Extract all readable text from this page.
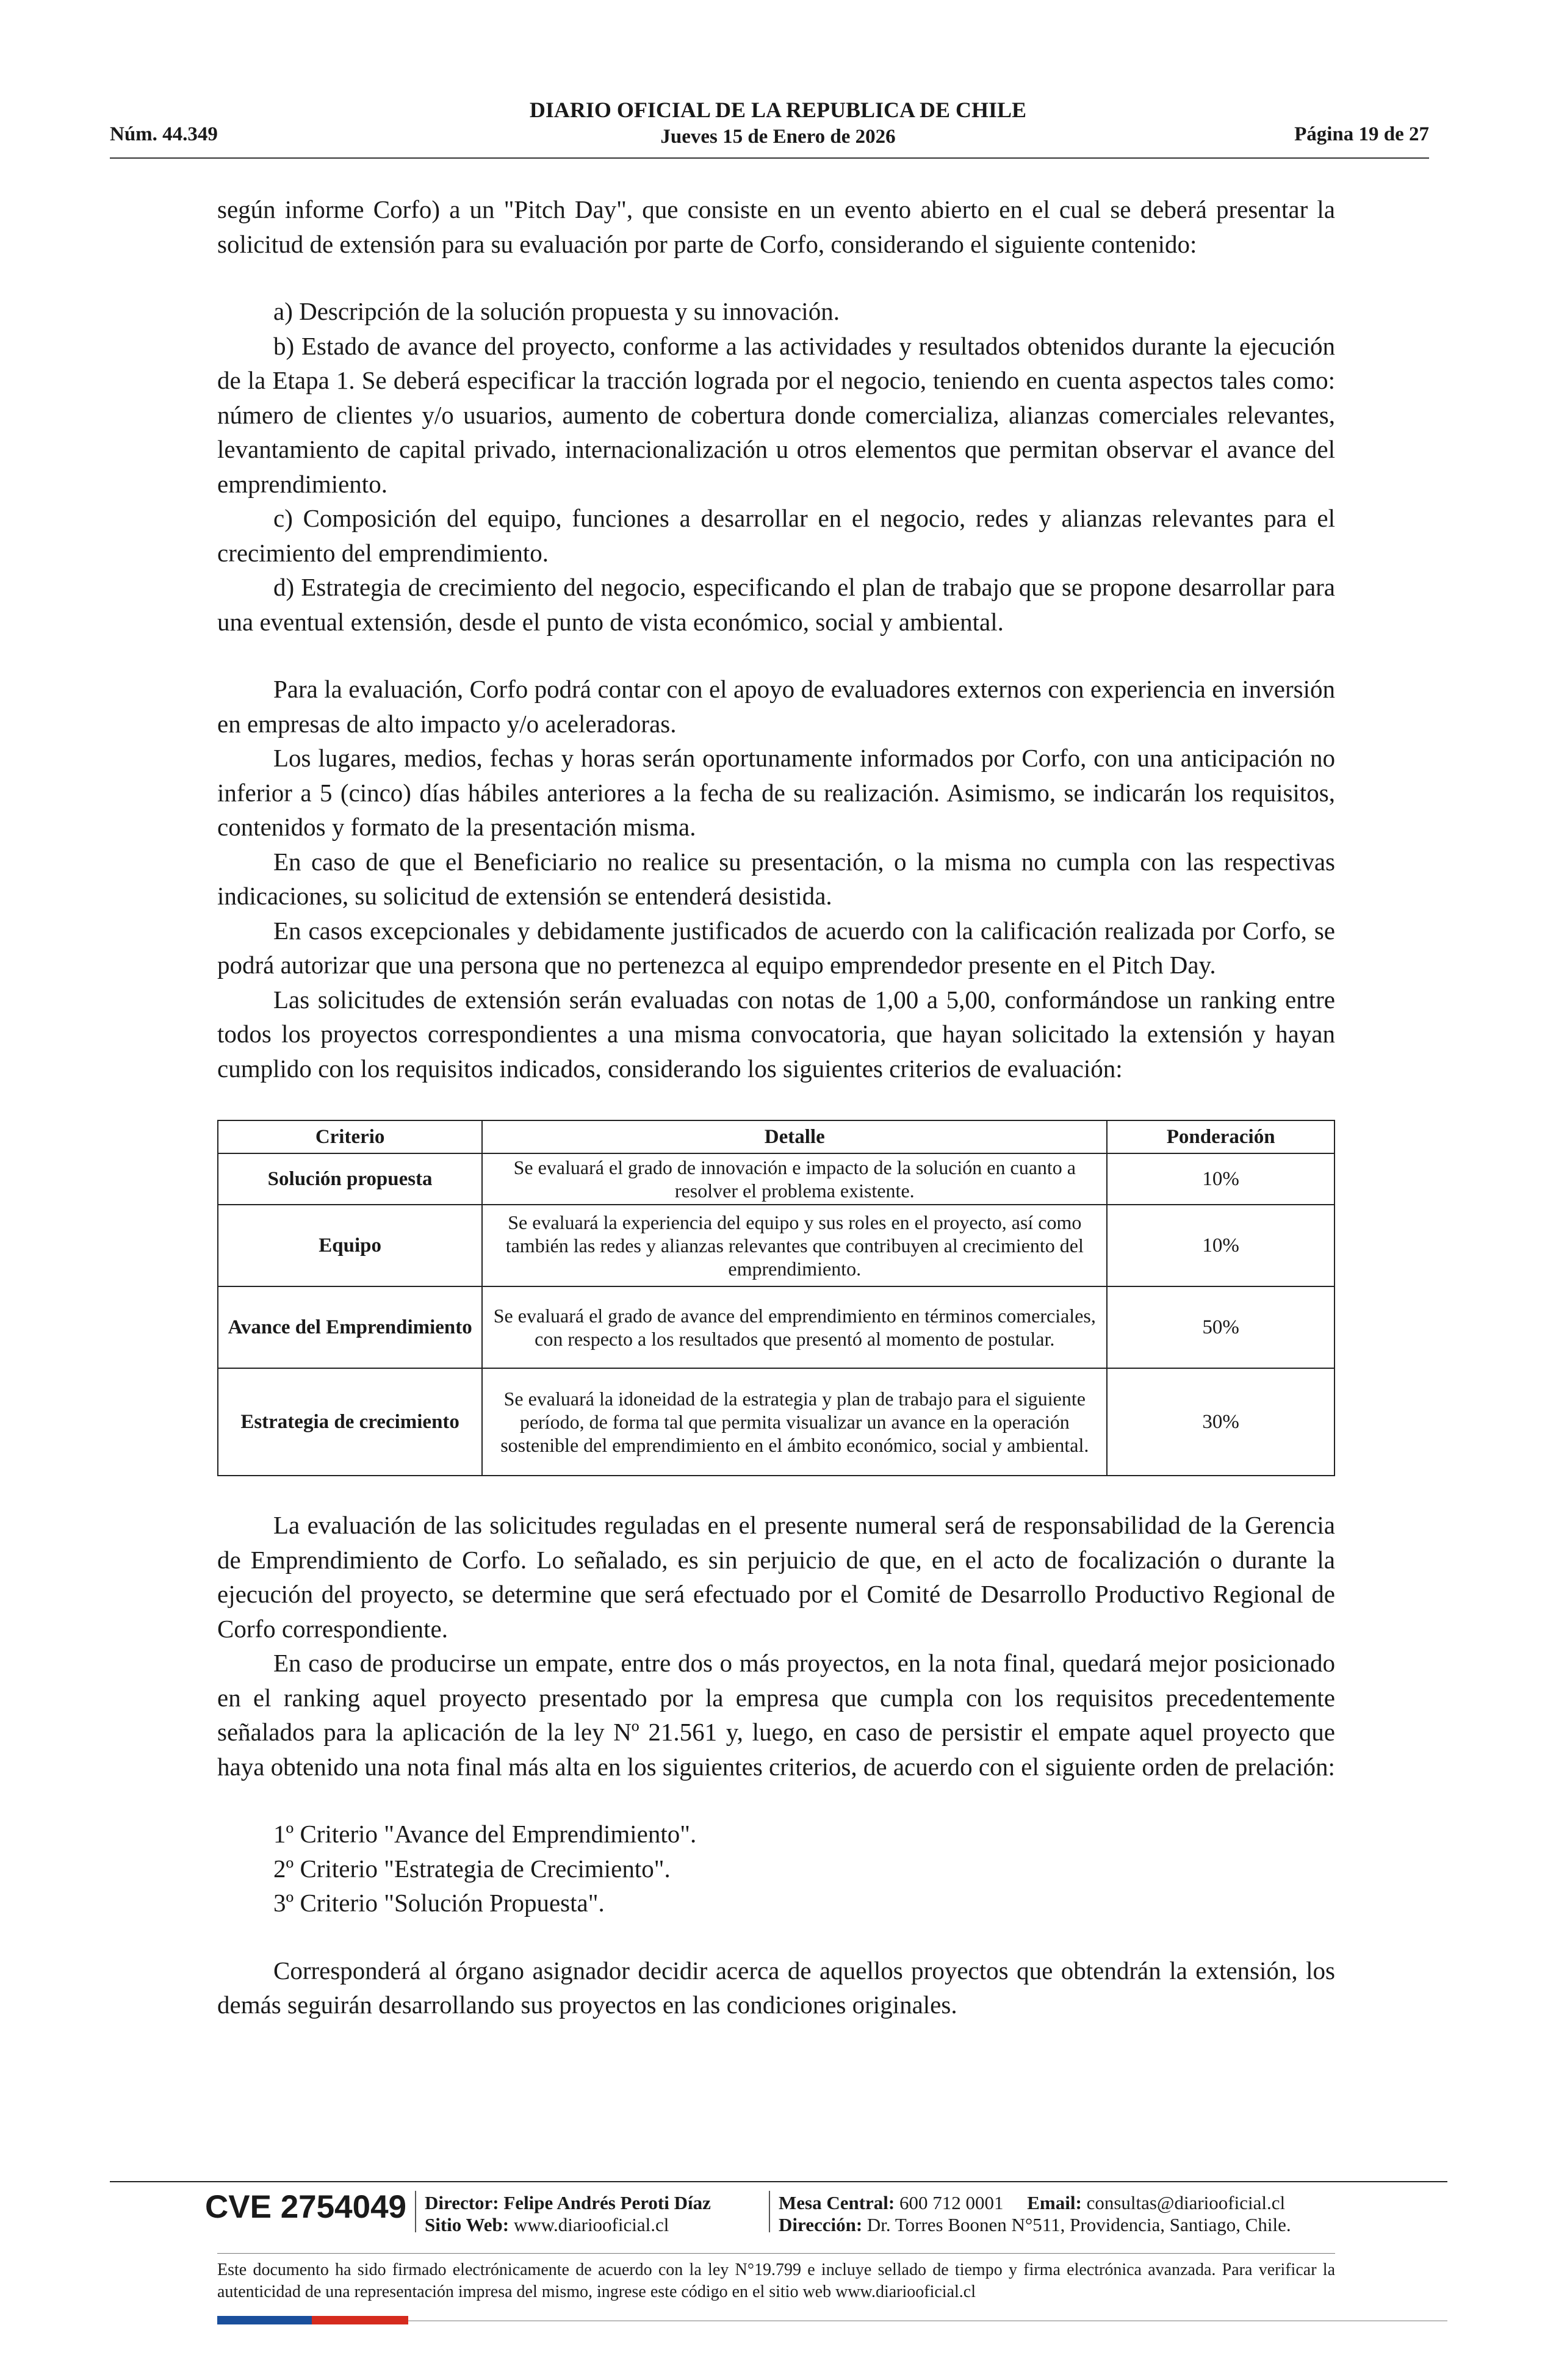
Núm. 44.349
DIARIO OFICIAL DE LA REPUBLICA DE CHILE
Jueves 15 de Enero de 2026	Página 19 de 27

según informe Corfo) a un "Pitch Day", que consiste en un evento abierto en el cual se deberá presentar la solicitud de extensión para su evaluación por parte de Corfo, considerando el siguiente contenido:

a) Descripción de la solución propuesta y su innovación.

b) Estado de avance del proyecto, conforme a las actividades y resultados obtenidos durante la ejecución de la Etapa 1. Se deberá especificar la tracción lograda por el negocio, teniendo en cuenta aspectos tales como: número de clientes y/o usuarios, aumento de cobertura donde comercializa, alianzas comerciales relevantes, levantamiento de capital privado, internacionalización u otros elementos que permitan observar el avance del emprendimiento.

c) Composición del equipo, funciones a desarrollar en el negocio, redes y alianzas relevantes para el crecimiento del emprendimiento.

d) Estrategia de crecimiento del negocio, especificando el plan de trabajo que se propone desarrollar para una eventual extensión, desde el punto de vista económico, social y ambiental.

Para la evaluación, Corfo podrá contar con el apoyo de evaluadores externos con experiencia en inversión en empresas de alto impacto y/o aceleradoras.

Los lugares, medios, fechas y horas serán oportunamente informados por Corfo, con una anticipación no inferior a 5 (cinco) días hábiles anteriores a la fecha de su realización. Asimismo, se indicarán los requisitos, contenidos y formato de la presentación misma.

En caso de que el Beneficiario no realice su presentación, o la misma no cumpla con las respectivas indicaciones, su solicitud de extensión se entenderá desistida.

En casos excepcionales y debidamente justificados de acuerdo con la calificación realizada por Corfo, se podrá autorizar que una persona que no pertenezca al equipo emprendedor presente en el Pitch Day.

Las solicitudes de extensión serán evaluadas con notas de 1,00 a 5,00, conformándose un ranking entre todos los proyectos correspondientes a una misma convocatoria, que hayan solicitado la extensión y hayan cumplido con los requisitos indicados, considerando los siguientes criterios de evaluación:

Criterio	Detalle	Ponderación
Solución propuesta	Se evaluará el grado de innovación e impacto de la solución en cuanto a resolver el problema existente.	10%
Equipo	Se evaluará la experiencia del equipo y sus roles en el proyecto, así como también las redes y alianzas relevantes que contribuyen al crecimiento del emprendimiento.	10%
Avance del Emprendimiento	Se evaluará el grado de avance del emprendimiento en términos comerciales, con respecto a los resultados que presentó al momento de postular.	50%
Estrategia de crecimiento	Se evaluará la idoneidad de la estrategia y plan de trabajo para el siguiente período, de forma tal que permita visualizar un avance en la operación sostenible del emprendimiento en el ámbito económico, social y ambiental.	30%

La evaluación de las solicitudes reguladas en el presente numeral será de responsabilidad de la Gerencia de Emprendimiento de Corfo. Lo señalado, es sin perjuicio de que, en el acto de focalización o durante la ejecución del proyecto, se determine que será efectuado por el Comité de Desarrollo Productivo Regional de Corfo correspondiente.

En caso de producirse un empate, entre dos o más proyectos, en la nota final, quedará mejor posicionado en el ranking aquel proyecto presentado por la empresa que cumpla con los requisitos precedentemente señalados para la aplicación de la ley Nº 21.561 y, luego, en caso de persistir el empate aquel proyecto que haya obtenido una nota final más alta en los siguientes criterios, de acuerdo con el siguiente orden de prelación:

1º Criterio "Avance del Emprendimiento".

2º Criterio "Estrategia de Crecimiento".

3º Criterio "Solución Propuesta".

Corresponderá al órgano asignador decidir acerca de aquellos proyectos que obtendrán la extensión, los demás seguirán desarrollando sus proyectos en las condiciones originales.

CVE 2754049 Director: Felipe Andrés Peroti Díaz
Sitio Web: www.diariooficial.cl
Mesa Central: 600 712 0001 Email: consultas@diariooficial.cl
Dirección: Dr. Torres Boonen N°511, Providencia, Santiago, Chile.
Este documento ha sido firmado electrónicamente de acuerdo con la ley N°19.799 e incluye sellado de tiempo y firma electrónica avanzada. Para verificar la autenticidad de una representación impresa del mismo, ingrese este código en el sitio web www.diariooficial.cl
